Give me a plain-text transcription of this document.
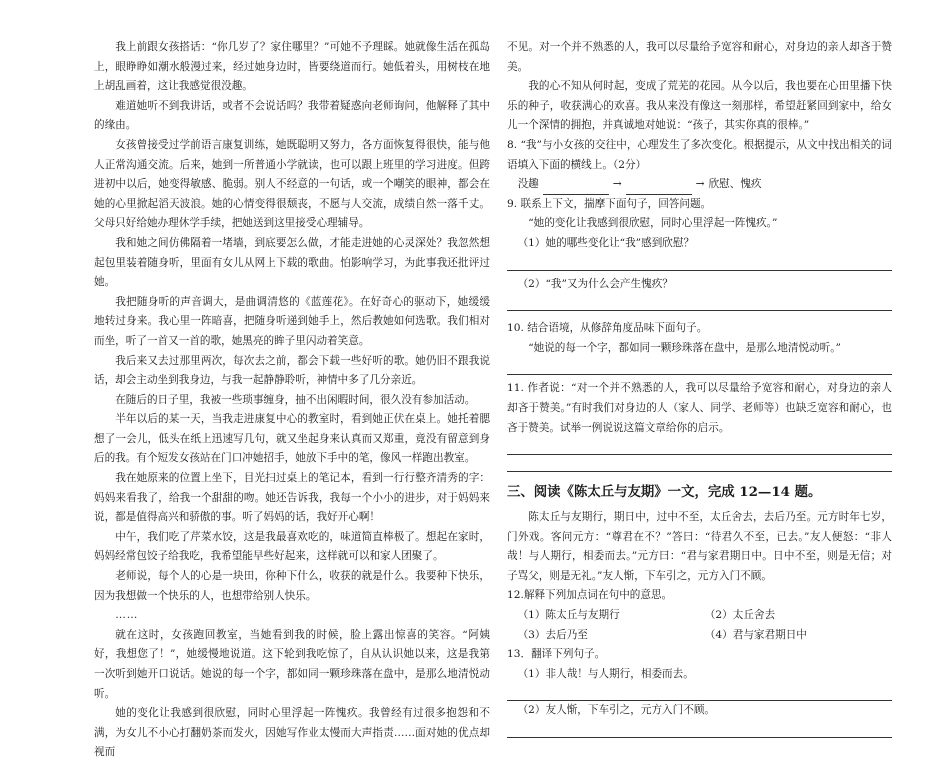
我上前跟女孩搭话：“你几岁了？家住哪里？”可她不予理睬。她就像生活在孤岛上，眼睁睁如潮水般漫过来，经过她身边时，皆要绕道而行。她低着头，用树枝在地上胡乱画着，这让我感觉很没趣。

难道她听不到我讲话，或者不会说话吗？我带着疑惑向老师询问，他解释了其中的缘由。

女孩曾接受过学前语言康复训练，她既聪明又努力，各方面恢复得很快，能与他人正常沟通交流。后来，她到一所普通小学就读，也可以跟上班里的学习进度。但跨进初中以后，她变得敏感、脆弱。别人不经意的一句话，或一个嘲笑的眼神，都会在她的心里掀起滔天波浪。她的心情变得很颓丧，不愿与人交流，成绩自然一落千丈。父母只好给她办理休学手续，把她送到这里接受心理辅导。

我和她之间仿佛隔着一堵墙，到底要怎么做，才能走进她的心灵深处？我忽然想起包里装着随身听，里面有女儿从网上下载的歌曲。怕影响学习，为此事我还批评过她。

我把随身听的声音调大，是曲调清悠的《蓝莲花》。在好奇心的驱动下，她缓缓地转过身来。我心里一阵暗喜，把随身听递到她手上，然后教她如何选歌。我们相对而坐，听了一首又一首的歌，她黑亮的眸子里闪动着笑意。

我后来又去过那里两次，每次去之前，都会下载一些好听的歌。她仍旧不跟我说话，却会主动坐到我身边，与我一起静静聆听，神情中多了几分亲近。

在随后的日子里，我被一些琐事缠身，抽不出闲暇时间，很久没有参加活动。

半年以后的某一天，当我走进康复中心的教室时，看到她正伏在桌上。她托着腮想了一会儿，低头在纸上迅速写几句，就又坐起身来认真而又郑重，竟没有留意到身后的我。有个短发女孩站在门口冲她招手，她放下手中的笔，像风一样跑出教室。

我在她原来的位置上坐下，目光扫过桌上的笔记本，看到一行行整齐清秀的字：妈妈来看我了，给我一个甜甜的吻。她还告诉我，我每一个小小的进步，对于妈妈来说，都是值得高兴和骄傲的事。听了妈妈的话，我好开心啊！

中午，我们吃了芹菜水饺，这是我最喜欢吃的，味道简直棒极了。想起在家时，妈妈经常包饺子给我吃，我希望能早些好起来，这样就可以和家人团聚了。

老师说，每个人的心是一块田，你种下什么，收获的就是什么。我要种下快乐，因为我想做一个快乐的人，也想带给别人快乐。

……

就在这时，女孩跑回教室，当她看到我的时候，脸上露出惊喜的笑容。“阿姨好，我想您了！”，她缓慢地说道。这下轮到我吃惊了，自从认识她以来，这是我第一次听到她开口说话。她说的每一个字，都如同一颗珍珠落在盘中，是那么地清悦动听。

她的变化让我感到很欣慰，同时心里浮起一阵愧疚。我曾经有过很多抱怨和不满，为女儿不小心打翻奶茶而发火，因她写作业太慢而大声指责……面对她的优点却视而

不见。对一个并不熟悉的人，我可以尽量给予宽容和耐心，对身边的亲人却吝于赞美。

我的心不知从何时起，变成了荒芜的花园。从今以后，我也要在心田里播下快乐的种子，收获满心的欢喜。我从来没有像这一刻那样，希望赶紧回到家中，给女儿一个深情的拥抱，并真诚地对她说：“孩子，其实你真的很棒。”

8. “我”与小女孩的交往中，心理发生了多次变化。根据提示，从文中找出相关的词语填入下面的横线上。（2分）

没趣	→	→ 欣慰、愧疚

9. 联系上下文，揣摩下面句子，回答问题。

“她的变化让我感到很欣慰，同时心里浮起一阵愧疚。”

（1）她的哪些变化让“我”感到欣慰？

（2）“我”又为什么会产生愧疚？

10. 结合语境，从修辞角度品味下面句子。

“她说的每一个字，都如同一颗珍珠落在盘中，是那么地清悦动听。”

11. 作者说：“对一个并不熟悉的人，我可以尽量给予宽容和耐心，对身边的亲人却吝于赞美。”有时我们对身边的人（家人、同学、老师等）也缺乏宽容和耐心，也吝于赞美。试举一例说说这篇文章给你的启示。

三、阅读《陈太丘与友期》一文，完成 12—14 题。

陈太丘与友期行，期日中，过中不至，太丘舍去，去后乃至。元方时年七岁，门外戏。客问元方：“尊君在不？”答曰：“待君久不至，已去。”友人便怒：“非人哉！与人期行，相委而去。”元方曰：“君与家君期日中。日中不至，则是无信；对子骂父，则是无礼。”友人惭，下车引之，元方入门不顾。

12.解释下列加点词在句中的意思。

（1）陈太丘与友期行	（2）太丘舍去
（3）去后乃至	（4）君与家君期日中

13．翻译下列句子。

（1）非人哉！与人期行，相委而去。

（2）友人惭，下车引之，元方入门不顾。
